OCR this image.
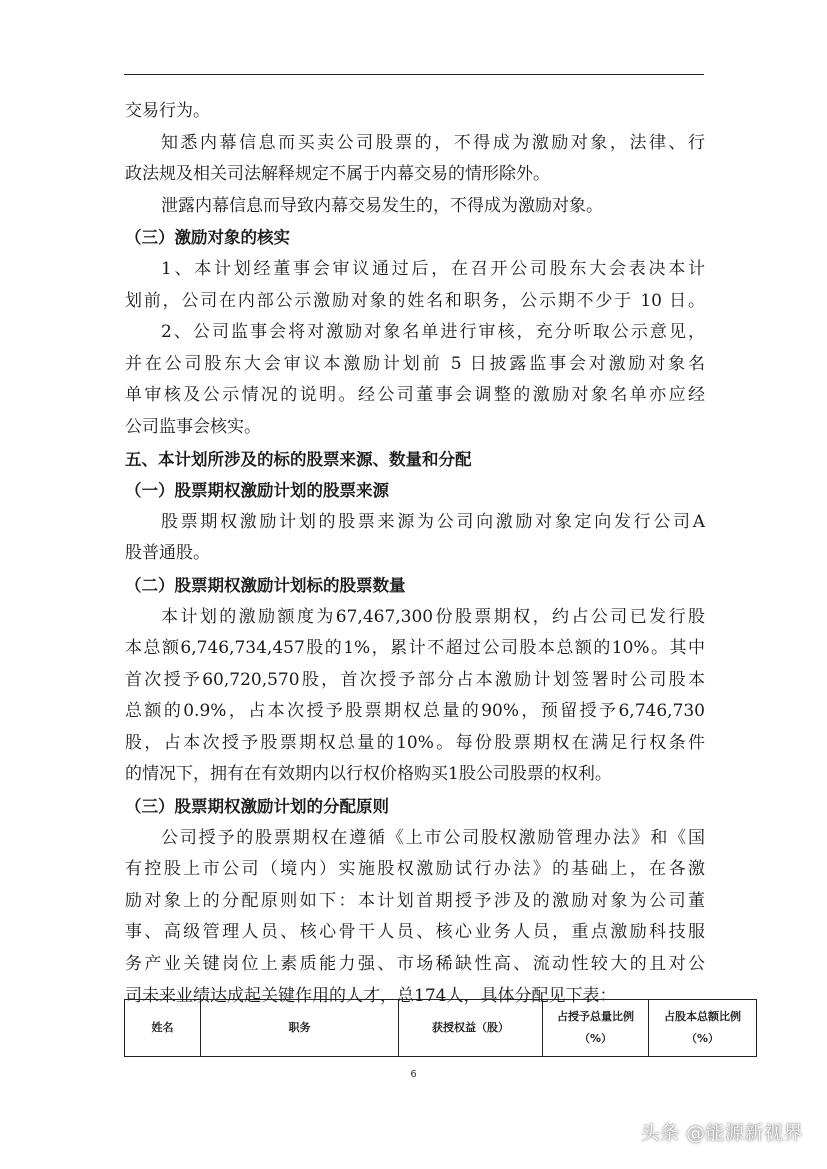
交易行为。
知悉内幕信息而买卖公司股票的，不得成为激励对象，法律、行
政法规及相关司法解释规定不属于内幕交易的情形除外。
泄露内幕信息而导致内幕交易发生的，不得成为激励对象。
（三）激励对象的核实
1、本计划经董事会审议通过后，在召开公司股东大会表决本计
划前，公司在内部公示激励对象的姓名和职务，公示期不少于 10 日。
2、公司监事会将对激励对象名单进行审核，充分听取公示意见，
并在公司股东大会审议本激励计划前 5 日披露监事会对激励对象名
单审核及公示情况的说明。经公司董事会调整的激励对象名单亦应经
公司监事会核实。
五、本计划所涉及的标的股票来源、数量和分配
（一）股票期权激励计划的股票来源
股票期权激励计划的股票来源为公司向激励对象定向发行公司A
股普通股。
（二）股票期权激励计划标的股票数量
本计划的激励额度为67,467,300份股票期权，约占公司已发行股
本总额6,746,734,457股的1%，累计不超过公司股本总额的10%。其中
首次授予60,720,570股，首次授予部分占本激励计划签署时公司股本
总额的0.9%，占本次授予股票期权总量的90%，预留授予6,746,730
股，占本次授予股票期权总量的10%。每份股票期权在满足行权条件
的情况下，拥有在有效期内以行权价格购买1股公司股票的权利。
（三）股票期权激励计划的分配原则
公司授予的股票期权在遵循《上市公司股权激励管理办法》和《国
有控股上市公司（境内）实施股权激励试行办法》的基础上，在各激
励对象上的分配原则如下：本计划首期授予涉及的激励对象为公司董
事、高级管理人员、核心骨干人员、核心业务人员，重点激励科技服
务产业关键岗位上素质能力强、市场稀缺性高、流动性较大的且对公
司未来业绩达成起关键作用的人才，总174人，具体分配见下表：
姓名	职务	获授权益（股）	占授予总量比例（%）	占股本总额比例（%）
6
头条 @能源新视界
